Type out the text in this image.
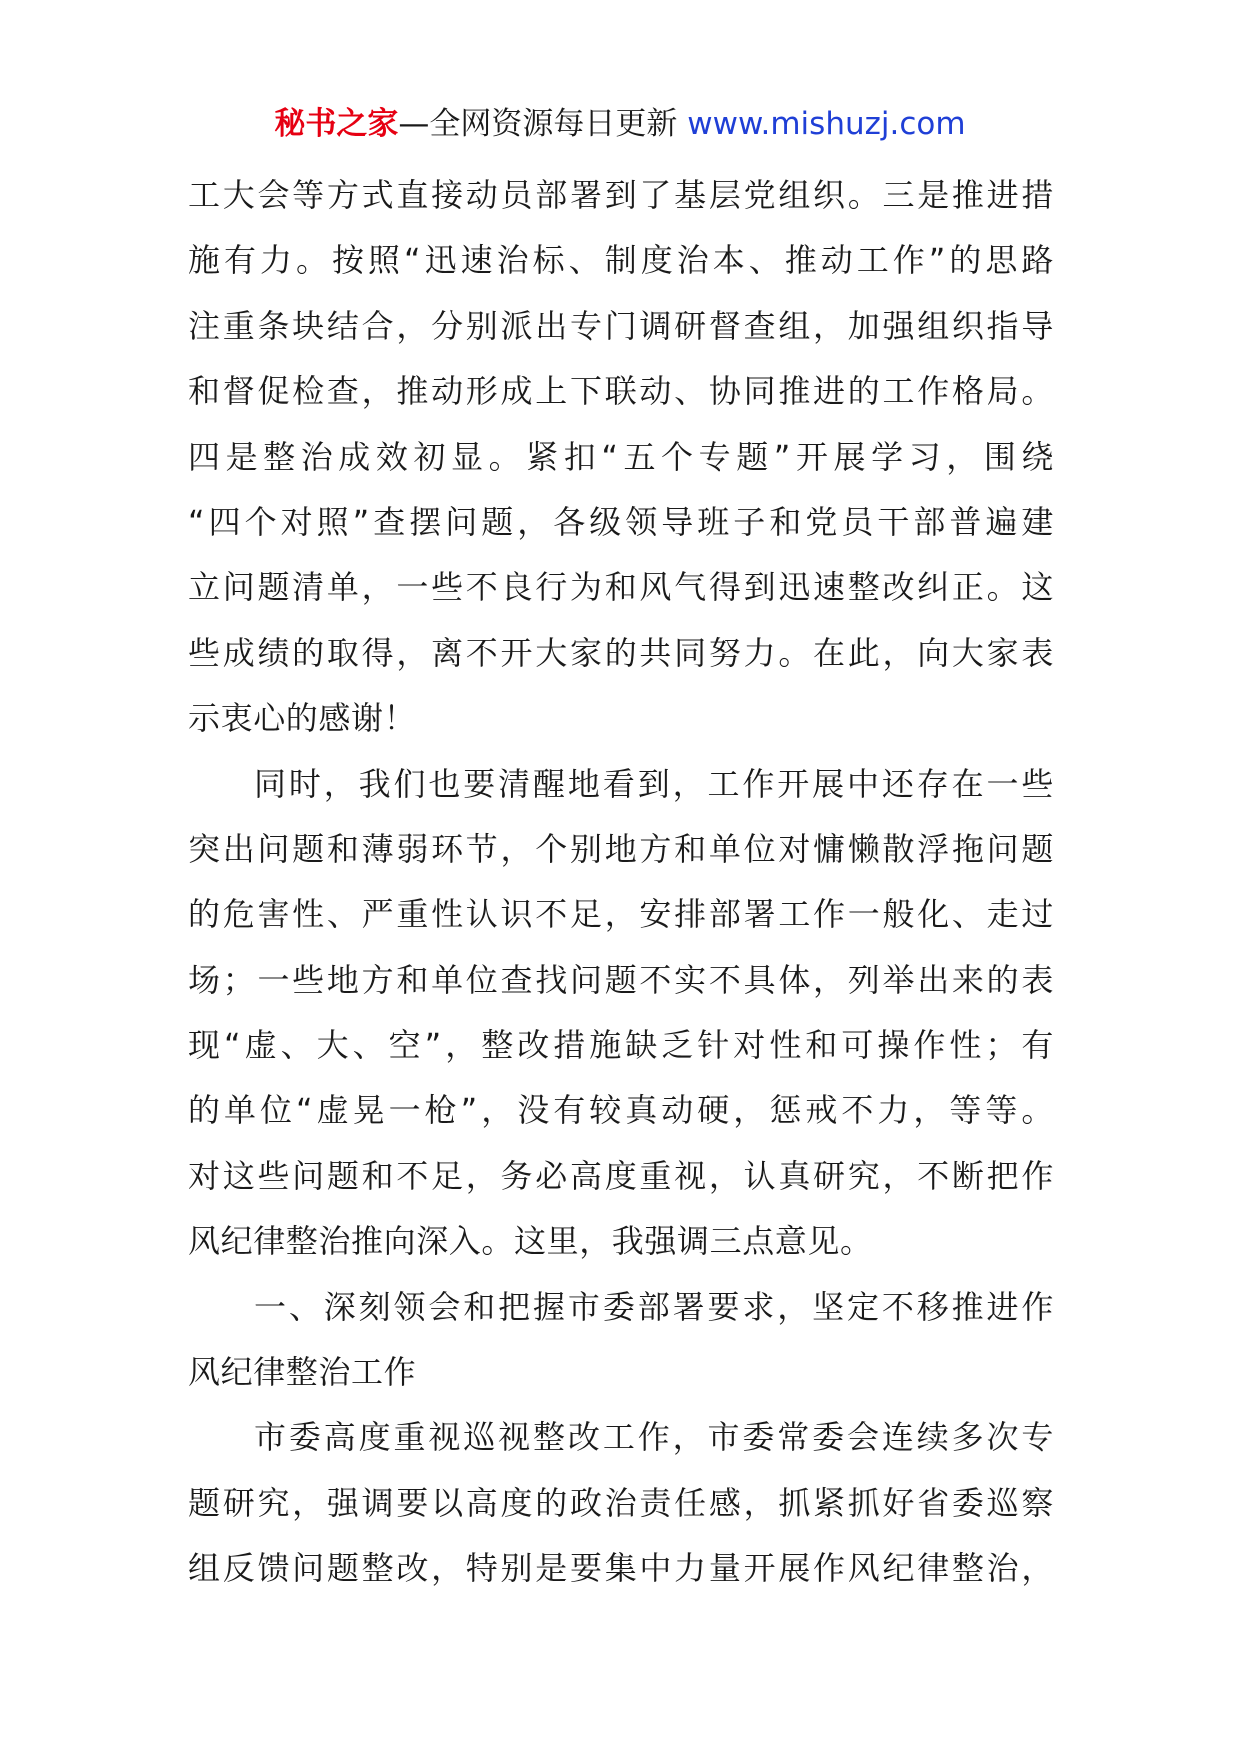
秘书之家—全网资源每日更新 www.mishuzj.com
工大会等方式直接动员部署到了基层党组织。三是推进措
施有力。按照“迅速治标、制度治本、推动工作”的思路
注重条块结合，分别派出专门调研督查组，加强组织指导
和督促检查，推动形成上下联动、协同推进的工作格局。
四是整治成效初显。紧扣“五个专题”开展学习，围绕
“四个对照”查摆问题，各级领导班子和党员干部普遍建
立问题清单，一些不良行为和风气得到迅速整改纠正。这
些成绩的取得，离不开大家的共同努力。在此，向大家表
示衷心的感谢！
同时，我们也要清醒地看到，工作开展中还存在一些
突出问题和薄弱环节，个别地方和单位对慵懒散浮拖问题
的危害性、严重性认识不足，安排部署工作一般化、走过
场；一些地方和单位查找问题不实不具体，列举出来的表
现“虚、大、空”，整改措施缺乏针对性和可操作性；有
的单位“虚晃一枪”，没有较真动硬，惩戒不力，等等。
对这些问题和不足，务必高度重视，认真研究，不断把作
风纪律整治推向深入。这里，我强调三点意见。
一、深刻领会和把握市委部署要求，坚定不移推进作
风纪律整治工作
市委高度重视巡视整改工作，市委常委会连续多次专
题研究，强调要以高度的政治责任感，抓紧抓好省委巡察
组反馈问题整改，特别是要集中力量开展作风纪律整治，
